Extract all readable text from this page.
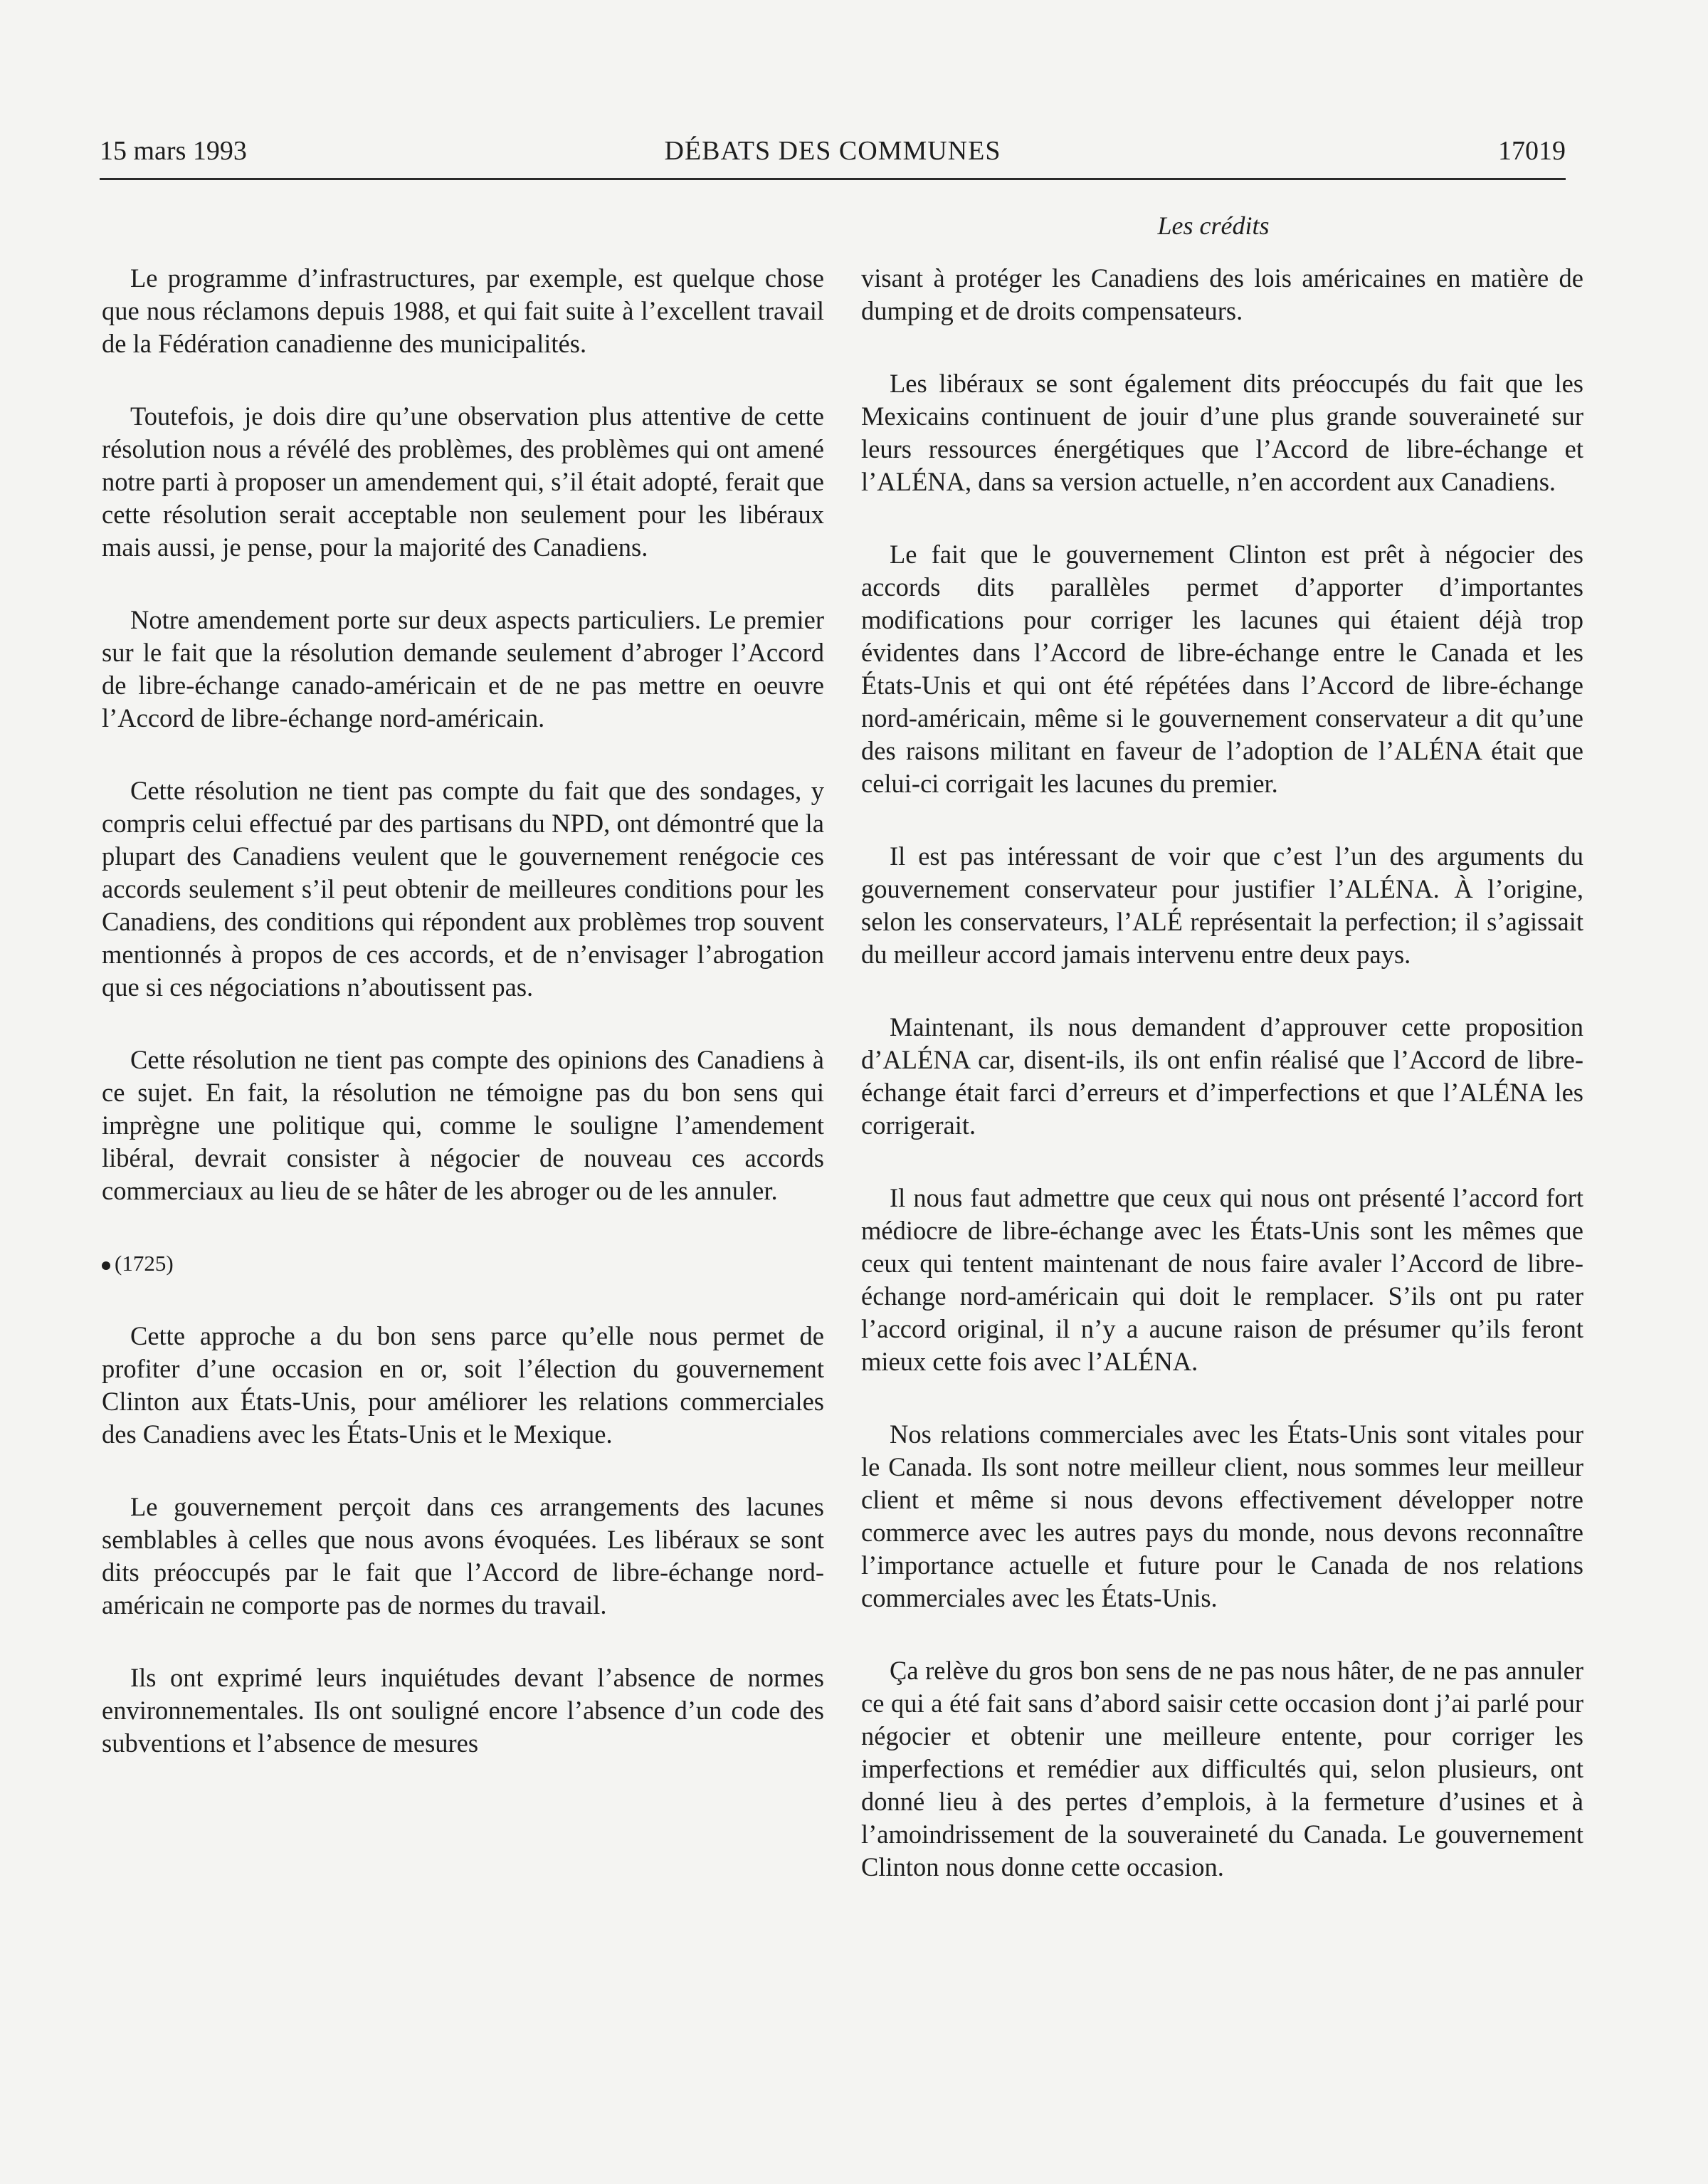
15 mars 1993	DÉBATS DES COMMUNES	17019
Les crédits

Le programme d’infrastructures, par exemple, est quelque chose que nous réclamons depuis 1988, et qui fait suite à l’excellent travail de la Fédération canadienne des municipalités.

Toutefois, je dois dire qu’une observation plus attentive de cette résolution nous a révélé des problèmes, des problèmes qui ont amené notre parti à proposer un amendement qui, s’il était adopté, ferait que cette résolution serait acceptable non seulement pour les libéraux mais aussi, je pense, pour la majorité des Canadiens.

Notre amendement porte sur deux aspects particuliers. Le premier sur le fait que la résolution demande seulement d’abroger l’Accord de libre-échange canado-américain et de ne pas mettre en oeuvre l’Accord de libre-échange nord-américain.

Cette résolution ne tient pas compte du fait que des sondages, y compris celui effectué par des partisans du NPD, ont démontré que la plupart des Canadiens veulent que le gouvernement renégocie ces accords seulement s’il peut obtenir de meilleures conditions pour les Canadiens, des conditions qui répondent aux problèmes trop souvent mentionnés à propos de ces accords, et de n’envisager l’abrogation que si ces négociations n’aboutissent pas.

Cette résolution ne tient pas compte des opinions des Canadiens à ce sujet. En fait, la résolution ne témoigne pas du bon sens qui imprègne une politique qui, comme le souligne l’amendement libéral, devrait consister à négocier de nouveau ces accords commerciaux au lieu de se hâter de les abroger ou de les annuler.

(1725)

Cette approche a du bon sens parce qu’elle nous permet de profiter d’une occasion en or, soit l’élection du gouvernement Clinton aux États-Unis, pour améliorer les relations commerciales des Canadiens avec les États-Unis et le Mexique.

Le gouvernement perçoit dans ces arrangements des lacunes semblables à celles que nous avons évoquées. Les libéraux se sont dits préoccupés par le fait que l’Accord de libre-échange nord-américain ne comporte pas de normes du travail.

Ils ont exprimé leurs inquiétudes devant l’absence de normes environnementales. Ils ont souligné encore l’absence d’un code des subventions et l’absence de mesures

visant à protéger les Canadiens des lois américaines en matière de dumping et de droits compensateurs.

Les libéraux se sont également dits préoccupés du fait que les Mexicains continuent de jouir d’une plus grande souveraineté sur leurs ressources énergétiques que l’Accord de libre-échange et l’ALÉNA, dans sa version actuelle, n’en accordent aux Canadiens.

Le fait que le gouvernement Clinton est prêt à négocier des accords dits parallèles permet d’apporter d’importantes modifications pour corriger les lacunes qui étaient déjà trop évidentes dans l’Accord de libre-échange entre le Canada et les États-Unis et qui ont été répétées dans l’Accord de libre-échange nord-américain, même si le gouvernement conservateur a dit qu’une des raisons militant en faveur de l’adoption de l’ALÉNA était que celui-ci corrigait les lacunes du premier.

Il est pas intéressant de voir que c’est l’un des arguments du gouvernement conservateur pour justifier l’ALÉNA. À l’origine, selon les conservateurs, l’ALÉ représentait la perfection; il s’agissait du meilleur accord jamais intervenu entre deux pays.

Maintenant, ils nous demandent d’approuver cette proposition d’ALÉNA car, disent-ils, ils ont enfin réalisé que l’Accord de libre-échange était farci d’erreurs et d’imperfections et que l’ALÉNA les corrigerait.

Il nous faut admettre que ceux qui nous ont présenté l’accord fort médiocre de libre-échange avec les États-Unis sont les mêmes que ceux qui tentent maintenant de nous faire avaler l’Accord de libre-échange nord-américain qui doit le remplacer. S’ils ont pu rater l’accord original, il n’y a aucune raison de présumer qu’ils feront mieux cette fois avec l’ALÉNA.

Nos relations commerciales avec les États-Unis sont vitales pour le Canada. Ils sont notre meilleur client, nous sommes leur meilleur client et même si nous devons effectivement développer notre commerce avec les autres pays du monde, nous devons reconnaître l’importance actuelle et future pour le Canada de nos relations commerciales avec les États-Unis.

Ça relève du gros bon sens de ne pas nous hâter, de ne pas annuler ce qui a été fait sans d’abord saisir cette occasion dont j’ai parlé pour négocier et obtenir une meilleure entente, pour corriger les imperfections et remédier aux difficultés qui, selon plusieurs, ont donné lieu à des pertes d’emplois, à la fermeture d’usines et à l’amoindrissement de la souveraineté du Canada. Le gouvernement Clinton nous donne cette occasion.
